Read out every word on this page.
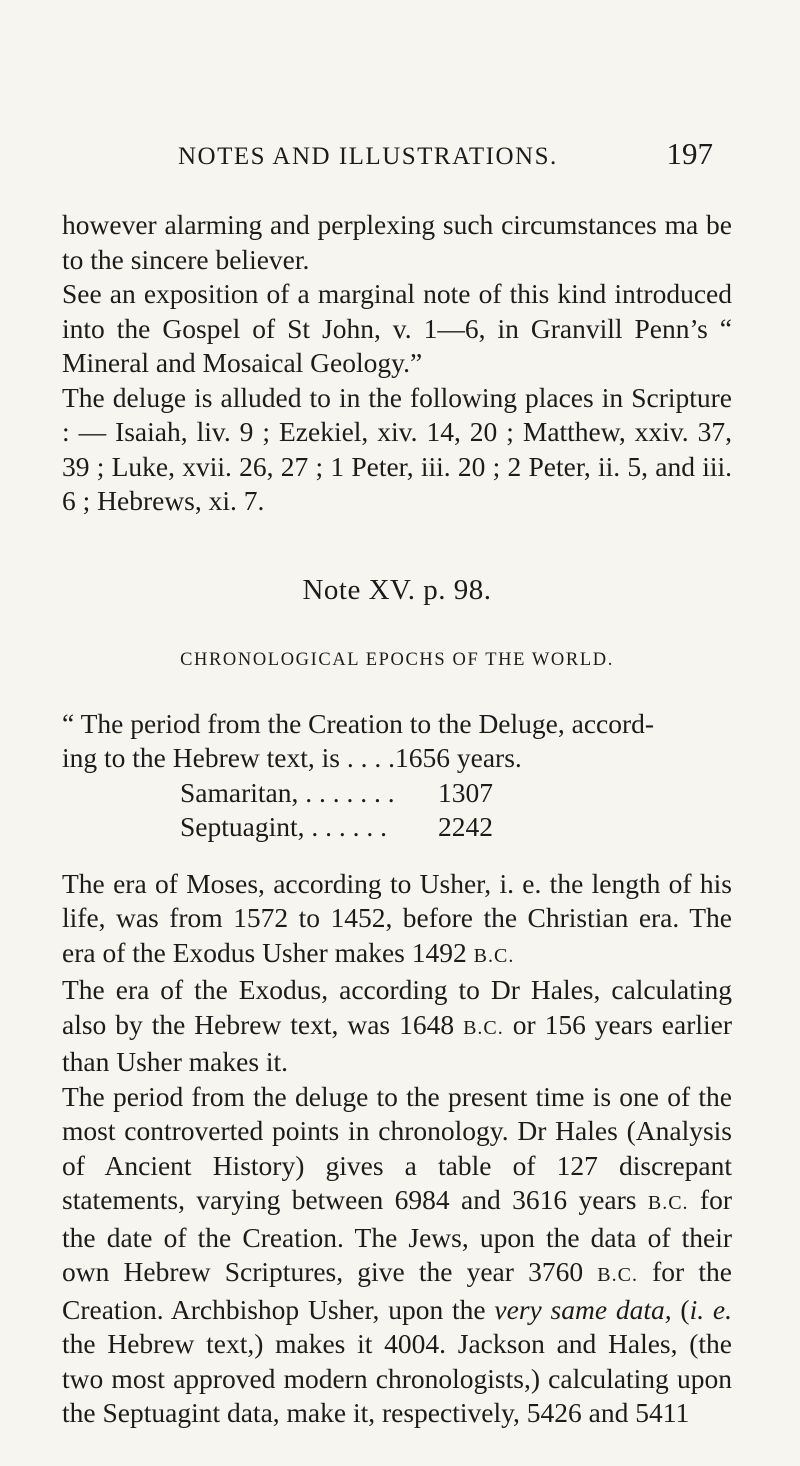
NOTES AND ILLUSTRATIONS.	197

however alarming and perplexing such circumstances ma be to the sincere believer.

See an exposition of a marginal note of this kind introduced into the Gospel of St John, v. 1—6, in Granvill Penn’s “ Mineral and Mosaical Geology.”

The deluge is alluded to in the following places in Scripture : — Isaiah, liv. 9 ; Ezekiel, xiv. 14, 20 ; Matthew, xxiv. 37, 39 ; Luke, xvii. 26, 27 ; 1 Peter, iii. 20 ; 2 Peter, ii. 5, and iii. 6 ; Hebrews, xi. 7.

Note XV. p. 98.
CHRONOLOGICAL EPOCHS OF THE WORLD.

“ The period from the Creation to the Deluge, accord-

ing to the Hebrew text, is . . . . 1656 years.
Samaritan, . . . . . . .	1307
Septuagint, . . . . . .	2242

The era of Moses, according to Usher, i. e. the length of his life, was from 1572 to 1452, before the Christian era. The era of the Exodus Usher makes 1492 B.C.

The era of the Exodus, according to Dr Hales, calculating also by the Hebrew text, was 1648 B.C. or 156 years earlier than Usher makes it.

The period from the deluge to the present time is one of the most controverted points in chronology. Dr Hales (Analysis of Ancient History) gives a table of 127 discrepant statements, varying between 6984 and 3616 years B.C. for the date of the Creation. The Jews, upon the data of their own Hebrew Scriptures, give the year 3760 B.C. for the Creation. Archbishop Usher, upon the very same data, (i. e. the Hebrew text,) makes it 4004. Jackson and Hales, (the two most approved modern chronologists,) calculating upon the Septuagint data, make it, respectively, 5426 and 5411
